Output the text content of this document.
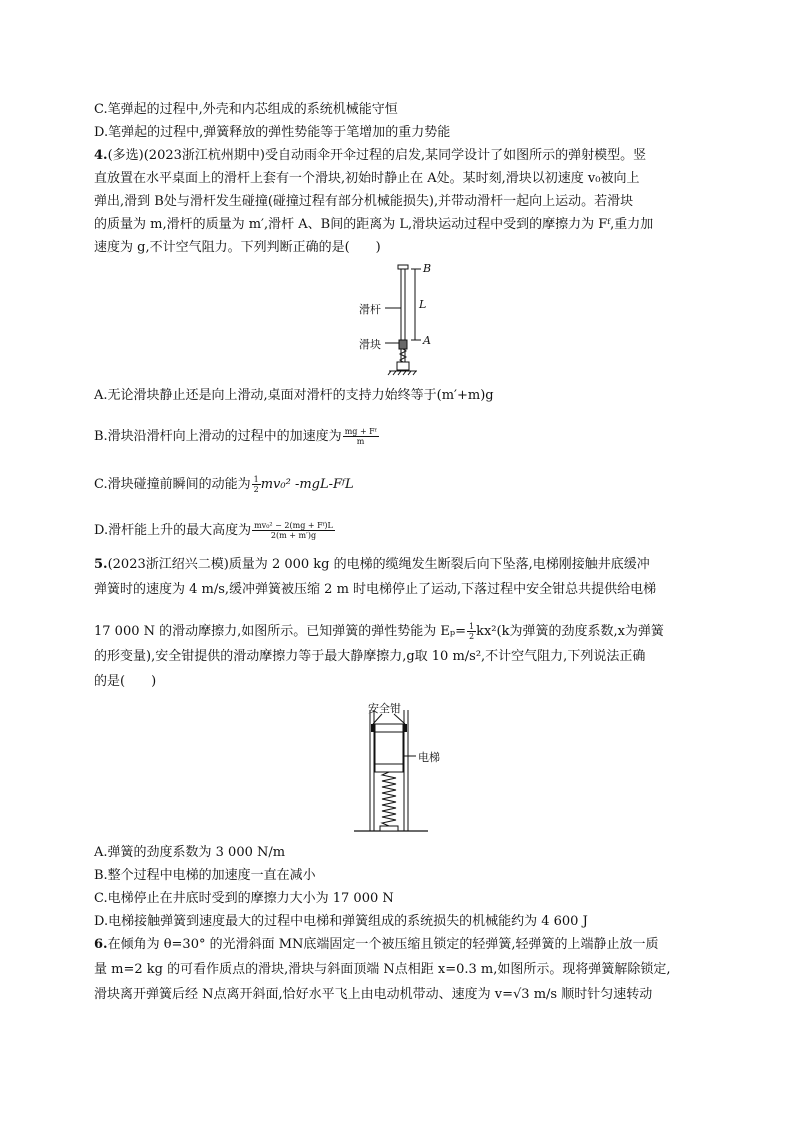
C.笔弹起的过程中,外壳和内芯组成的系统机械能守恒
D.笔弹起的过程中,弹簧释放的弹性势能等于笔增加的重力势能
4.(多选)(2023浙江杭州期中)受自动雨伞开伞过程的启发,某同学设计了如图所示的弹射模型。竖
直放置在水平桌面上的滑杆上套有一个滑块,初始时静止在 A处。某时刻,滑块以初速度 v₀被向上
弹出,滑到 B处与滑杆发生碰撞(碰撞过程有部分机械能损失),并带动滑杆一起向上运动。若滑块
的质量为 m,滑杆的质量为 m′,滑杆 A、B间的距离为 L,滑块运动过程中受到的摩擦力为 Fᶠ,重力加
速度为 g,不计空气阻力。下列判断正确的是(　　)
滑杆
滑块
B
L
A
A.无论滑块静止还是向上滑动,桌面对滑杆的支持力始终等于(m′+m)g
B.滑块沿滑杆向上滑动的过程中的加速度为 $\frac{\text{mg + Fᶠ}}{m}$
C.滑块碰撞前瞬间的动能为 $\frac{1}{2} mv_0^2$ -mgL-FᶠL
D.滑杆能上升的最大高度为 $\frac{\text{mv₀² − 2(mg + Fᶠ)L}}{2(m + m')g}$
5.(2023浙江绍兴二模)质量为 2 000 kg 的电梯的缆绳发生断裂后向下坠落,电梯刚接触井底缓冲
弹簧时的速度为 4 m/s,缓冲弹簧被压缩 2 m 时电梯停止了运动,下落过程中安全钳总共提供给电梯
17 000 N 的滑动摩擦力,如图所示。已知弹簧的弹性势能为 $E_p= \frac{1}{2} kx^2(k$为弹簧的劲度系数,x为弹簧
的形变量),安全钳提供的滑动摩擦力等于最大静摩擦力,g取 10 m/s²,不计空气阻力,下列说法正确
的是(　　)
安全钳
电梯
A.弹簧的劲度系数为 3 000 N/m
B.整个过程中电梯的加速度一直在减小
C.电梯停止在井底时受到的摩擦力大小为 17 000 N
D.电梯接触弹簧到速度最大的过程中电梯和弹簧组成的系统损失的机械能约为 4 600 J
6.在倾角为 θ=30° 的光滑斜面 MN底端固定一个被压缩且锁定的轻弹簧,轻弹簧的上端静止放一质
量 m=2 kg 的可看作质点的滑块,滑块与斜面顶端 N点相距 x=0.3 m,如图所示。现将弹簧解除锁定,
滑块离开弹簧后经 N点离开斜面,恰好水平飞上由电动机带动、速度为 v=√3 m/s 顺时针匀速转动
